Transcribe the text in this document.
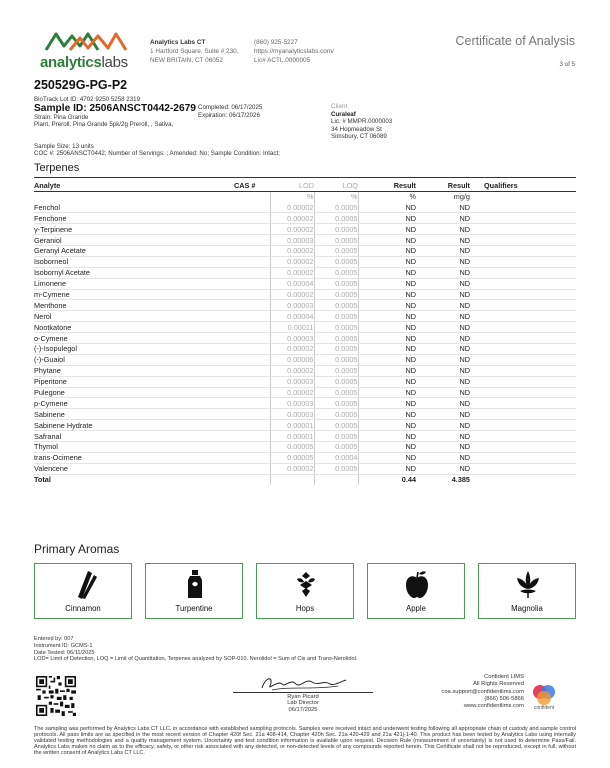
analyticslabs
Analytics Labs CT
1 Hartford Square, Suite # 230,
NEW BRITAIN, CT 06052
(860) 925-5227
https://myanalyticslabs.com/
Lic# ACTL.0000005
Certificate of Analysis
3 of 5
250529G-PG-P2
BioTrack Lot ID: 4702 9250 5258 2319
Sample ID: 2506ANSCT0442-2679
Strain: Pina Grande
Plant, Preroll, Pina Grande 5pk/2g Preroll, , Sativa,
Completed: 06/17/2025
Expiration: 06/17/2026
Client
Curaleaf
Lic. # MMPR.0000003
34 Hopmeadow St
Simsbury, CT 06089
Sample Size: 13 units
COC #: 2506ANSCT0442; Number of Servings: ; Amended: No; Sample Condition: Intact;
Terpenes
Analyte	CAS #	LOD	LOQ	Result	Result	Qualifiers
		%	%	%	mg/g	
Fenchol		0.00002	0.0005	ND	ND	
Fenchone		0.00002	0.0005	ND	ND	
γ-Terpinene		0.00002	0.0005	ND	ND	
Geraniol		0.00003	0.0005	ND	ND	
Geranyl Acetate		0.00002	0.0005	ND	ND	
Isoborneol		0.00002	0.0005	ND	ND	
Isobornyl Acetate		0.00002	0.0005	ND	ND	
Limonene		0.00004	0.0005	ND	ND	
m-Cymene		0.00002	0.0005	ND	ND	
Menthone		0.00003	0.0005	ND	ND	
Nerol		0.00004	0.0005	ND	ND	
Nootkatone		0.00011	0.0005	ND	ND	
o-Cymene		0.00003	0.0005	ND	ND	
(-)-Isopulegol		0.00002	0.0005	ND	ND	
(-)-Guaiol		0.00006	0.0005	ND	ND	
Phytane		0.00002	0.0005	ND	ND	
Piperitone		0.00003	0.0005	ND	ND	
Pulegone		0.00002	0.0005	ND	ND	
p-Cymene		0.00003	0.0005	ND	ND	
Sabinene		0.00003	0.0005	ND	ND	
Sabinene Hydrate		0.00001	0.0005	ND	ND	
Safranal		0.00001	0.0005	ND	ND	
Thymol		0.00005	0.0005	ND	ND	
trans-Ocimene		0.00005	0.0004	ND	ND	
Valencene		0.00002	0.0005	ND	ND	
Total				0.44	4.385	
Primary Aromas
Cinnamon	Turpentine	Hops	Apple	Magnolia
Entered by: 007
Instrument ID: GCMS-1
Date Tested: 06/11/2025
LOD= Limit of Detection, LOQ = Limit of Quantitation, Terpenes analyzed by SOP-010. Nerolidol = Sum of Cis and Trans-Nerolidol.
Ryan Picard
Lab Director
06/17/2025
Confident LIMS
All Rights Reserved
coa.support@confidentlims.com
(866) 506-5866
www.confidentlims.com	confident
The sampling was performed by Analytics Labs CT LLC, in accordance with established sampling protocols. Samples were received intact and underwent testing following all appropriate chain of custody and sample control protocols. All pass limits are as specified in the most recent version of Chapter 420f Sec. 21a 408-414, Chapter 420h Sec. 21a 420-429 and 21a 421j-1-40. This product has been tested by Analytics Labs using internally validated testing methodologies and a quality management system. Uncertainty and test condition information is available upon request. Decision Rule (measurement of uncertainty) is not used to determine Pass/Fail. Analytics Labs makes no claim as to the efficacy, safety, or other risk associated with any detected, or non-detected levels of any compounds reported herein. This Certificate shall not be reproduced, except in full, without the written consent of Analytics Labs CT LLC.
